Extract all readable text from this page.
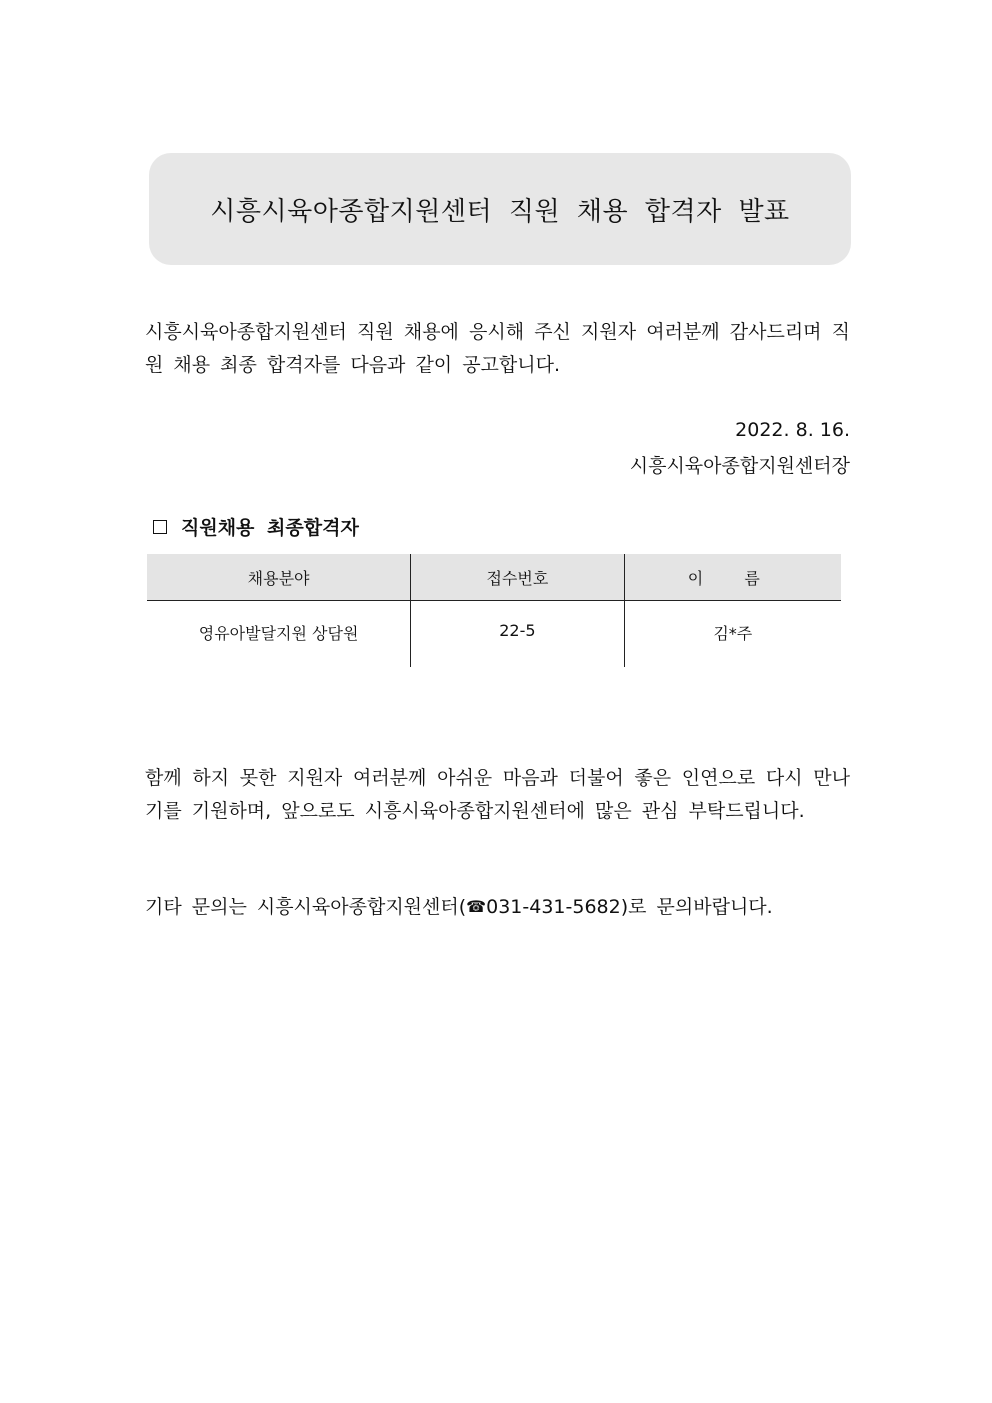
시흥시육아종합지원센터 직원 채용 합격자 발표
시흥시육아종합지원센터 직원 채용에 응시해 주신 지원자 여러분께 감사드리며 직원 채용 최종 합격자를 다음과 같이 공고합니다.
2022. 8. 16.
시흥시육아종합지원센터장
직원채용 최종합격자
채용분야	접수번호	이 름

영유아발달지원 상담원	22-5	김*주
함께 하지 못한 지원자 여러분께 아쉬운 마음과 더불어 좋은 인연으로 다시 만나기를 기원하며, 앞으로도 시흥시육아종합지원센터에 많은 관심 부탁드립니다.
기타 문의는 시흥시육아종합지원센터(☎031-431-5682)로 문의바랍니다.
